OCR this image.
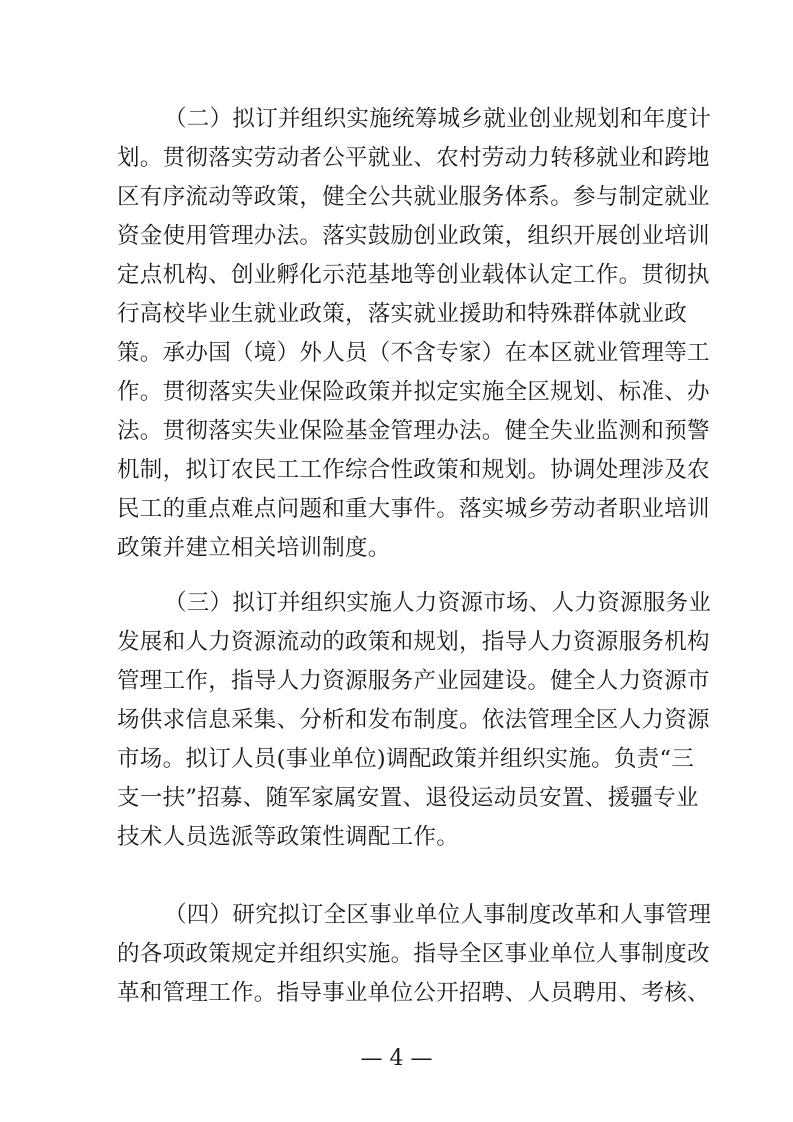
（二）拟订并组织实施统筹城乡就业创业规划和年度计
划。贯彻落实劳动者公平就业、农村劳动力转移就业和跨地
区有序流动等政策，健全公共就业服务体系。参与制定就业
资金使用管理办法。落实鼓励创业政策，组织开展创业培训
定点机构、创业孵化示范基地等创业载体认定工作。贯彻执
行高校毕业生就业政策，落实就业援助和特殊群体就业政
策。承办国（境）外人员（不含专家）在本区就业管理等工
作。贯彻落实失业保险政策并拟定实施全区规划、标准、办
法。贯彻落实失业保险基金管理办法。健全失业监测和预警
机制，拟订农民工工作综合性政策和规划。协调处理涉及农
民工的重点难点问题和重大事件。落实城乡劳动者职业培训
政策并建立相关培训制度。
（三）拟订并组织实施人力资源市场、人力资源服务业
发展和人力资源流动的政策和规划，指导人力资源服务机构
管理工作，指导人力资源服务产业园建设。健全人力资源市
场供求信息采集、分析和发布制度。依法管理全区人力资源
市场。拟订人员(事业单位)调配政策并组织实施。负责“三
支一扶”招募、随军家属安置、退役运动员安置、援疆专业
技术人员选派等政策性调配工作。
（四）研究拟订全区事业单位人事制度改革和人事管理
的各项政策规定并组织实施。指导全区事业单位人事制度改
革和管理工作。指导事业单位公开招聘、人员聘用、考核、
— 4 —
